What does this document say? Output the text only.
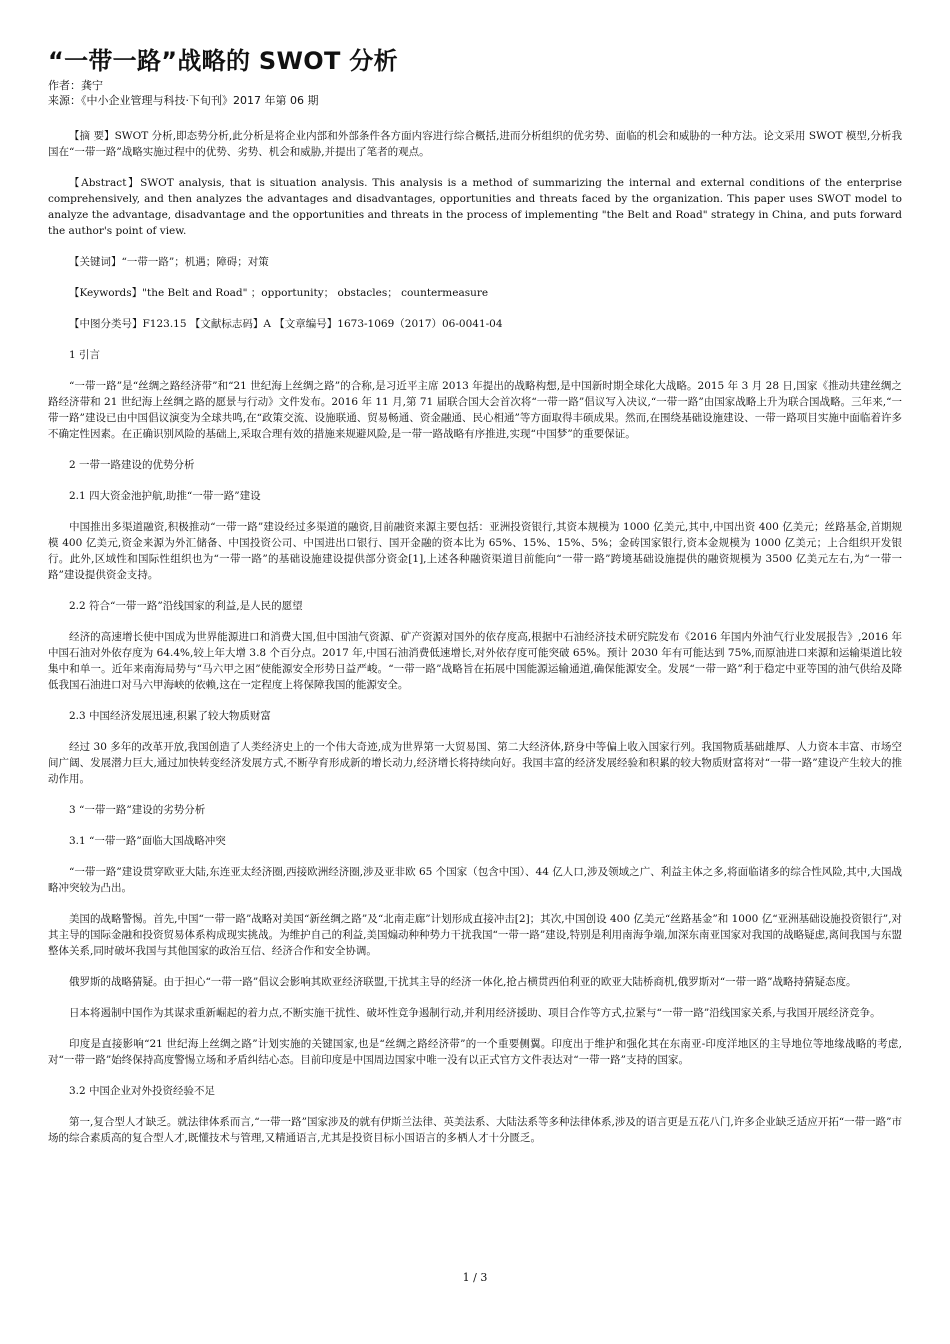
“一带一路”战略的 SWOT 分析

作者：龚宁

来源：《中小企业管理与科技·下旬刊》2017 年第 06 期

【摘 要】SWOT 分析,即态势分析,此分析是将企业内部和外部条件各方面内容进行综合概括,进而分析组织的优劣势、面临的机会和威胁的一种方法。论文采用 SWOT 模型,分析我国在“一带一路”战略实施过程中的优势、劣势、机会和威胁,并提出了笔者的观点。

【Abstract】SWOT analysis, that is situation analysis. This analysis is a method of summarizing the internal and external conditions of the enterprise comprehensively, and then analyzes the advantages and disadvantages, opportunities and threats faced by the organization. This paper uses SWOT model to analyze the advantage, disadvantage and the opportunities and threats in the process of implementing "the Belt and Road" strategy in China, and puts forward the author's point of view.

【关键词】“一带一路”；机遇；障碍；对策

【Keywords】"the Belt and Road" ；opportunity； obstacles； countermeasure

【中图分类号】F123.15 【文献标志码】A 【文章编号】1673-1069（2017）06-0041-04

1 引言

“一带一路”是“丝绸之路经济带”和“21 世纪海上丝绸之路”的合称,是习近平主席 2013 年提出的战略构想,是中国新时期全球化大战略。2015 年 3 月 28 日,国家《推动共建丝绸之路经济带和 21 世纪海上丝绸之路的愿景与行动》文件发布。2016 年 11 月,第 71 届联合国大会首次将“一带一路”倡议写入决议,“一带一路”由国家战略上升为联合国战略。三年来,“一带一路”建设已由中国倡议演变为全球共鸣,在“政策交流、设施联通、贸易畅通、资金融通、民心相通”等方面取得丰硕成果。然而,在围绕基础设施建设、一带一路项目实施中面临着许多不确定性因素。在正确识别风险的基础上,采取合理有效的措施来规避风险,是一带一路战略有序推进,实现“中国梦”的重要保证。

2 一带一路建设的优势分析

2.1 四大资金池护航,助推“一带一路”建设

中国推出多渠道融资,积极推动“一带一路”建设经过多渠道的融资,目前融资来源主要包括：亚洲投资银行,其资本规模为 1000 亿美元,其中,中国出资 400 亿美元；丝路基金,首期规模 400 亿美元,资金来源为外汇储备、中国投资公司、中国进出口银行、国开金融的资本比为 65%、15%、15%、5%；金砖国家银行,资本金规模为 1000 亿美元；上合组织开发银行。此外,区域性和国际性组织也为“一带一路”的基础设施建设提供部分资金[1],上述各种融资渠道目前能向“一带一路”跨境基础设施提供的融资规模为 3500 亿美元左右,为“一带一路”建设提供资金支持。

2.2 符合“一带一路”沿线国家的利益,是人民的愿望

经济的高速增长使中国成为世界能源进口和消费大国,但中国油气资源、矿产资源对国外的依存度高,根据中石油经济技术研究院发布《2016 年国内外油气行业发展报告》,2016 年中国石油对外依存度为 64.4%,较上年大增 3.8 个百分点。2017 年,中国石油消费低速增长,对外依存度可能突破 65%。预计 2030 年有可能达到 75%,而原油进口来源和运输渠道比较集中和单一。近年来南海局势与“马六甲之困”使能源安全形势日益严峻。“一带一路”战略旨在拓展中国能源运输通道,确保能源安全。发展“一带一路”利于稳定中亚等国的油气供给及降低我国石油进口对马六甲海峡的依赖,这在一定程度上将保障我国的能源安全。

2.3 中国经济发展迅速,积累了较大物质财富

经过 30 多年的改革开放,我国创造了人类经济史上的一个伟大奇迹,成为世界第一大贸易国、第二大经济体,跻身中等偏上收入国家行列。我国物质基础雄厚、人力资本丰富、市场空间广阔、发展潜力巨大,通过加快转变经济发展方式,不断孕育形成新的增长动力,经济增长将持续向好。我国丰富的经济发展经验和积累的较大物质财富将对“一带一路”建设产生较大的推动作用。

3 “一带一路”建设的劣势分析

3.1 “一带一路”面临大国战略冲突

“一带一路”建设贯穿欧亚大陆,东连亚太经济圈,西接欧洲经济圈,涉及亚非欧 65 个国家（包含中国）、44 亿人口,涉及领域之广、利益主体之多,将面临诸多的综合性风险,其中,大国战略冲突较为凸出。

美国的战略警惕。首先,中国“一带一路”战略对美国“新丝绸之路”及“北南走廊”计划形成直接冲击[2]；其次,中国创设 400 亿美元“丝路基金”和 1000 亿“亚洲基础设施投资银行”,对其主导的国际金融和投资贸易体系构成现实挑战。为维护自己的利益,美国煽动种种势力干扰我国“一带一路”建设,特别是利用南海争端,加深东南亚国家对我国的战略疑虑,离间我国与东盟整体关系,同时破坏我国与其他国家的政治互信、经济合作和安全协调。

俄罗斯的战略猜疑。由于担心“一带一路”倡议会影响其欧亚经济联盟,干扰其主导的经济一体化,抢占横贯西伯利亚的欧亚大陆桥商机,俄罗斯对“一带一路”战略持猜疑态度。

日本将遏制中国作为其谋求重新崛起的着力点,不断实施干扰性、破坏性竞争遏制行动,并利用经济援助、项目合作等方式,拉紧与“一带一路”沿线国家关系,与我国开展经济竞争。

印度是直接影响“21 世纪海上丝绸之路”计划实施的关键国家,也是“丝绸之路经济带”的一个重要侧翼。印度出于维护和强化其在东南亚-印度洋地区的主导地位等地缘战略的考虑,对“一带一路”始终保持高度警惕立场和矛盾纠结心态。目前印度是中国周边国家中唯一没有以正式官方文件表达对“一带一路”支持的国家。

3.2 中国企业对外投资经验不足

第一,复合型人才缺乏。就法律体系而言,“一带一路”国家涉及的就有伊斯兰法律、英美法系、大陆法系等多种法律体系,涉及的语言更是五花八门,许多企业缺乏适应开拓“一带一路”市场的综合素质高的复合型人才,既懂技术与管理,又精通语言,尤其是投资目标小国语言的多栖人才十分匮乏。

1 / 3
